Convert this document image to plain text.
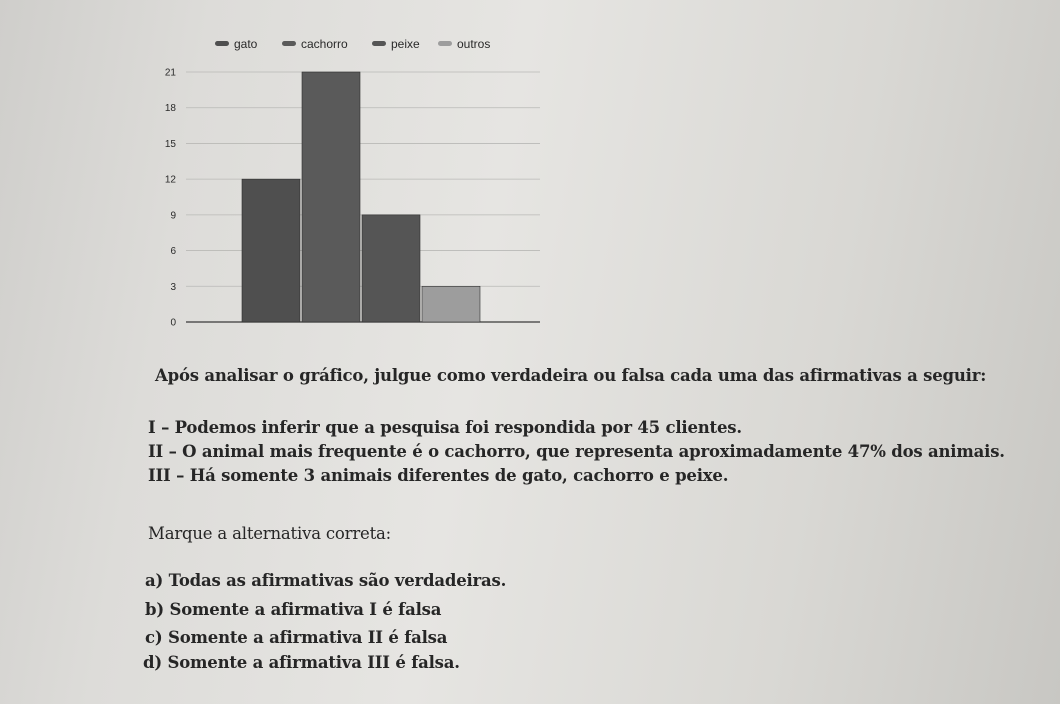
0
3
6
9
12
15
18
21
gato	cachorro	peixe	outros
Após analisar o gráfico, julgue como verdadeira ou falsa cada uma das afirmativas a seguir:
I – Podemos inferir que a pesquisa foi respondida por 45 clientes.
II – O animal mais frequente é o cachorro, que representa aproximadamente 47% dos animais.
III – Há somente 3 animais diferentes de gato, cachorro e peixe.
Marque a alternativa correta:
a) Todas as afirmativas são verdadeiras.
b) Somente a afirmativa I é falsa
c) Somente a afirmativa II é falsa
d) Somente a afirmativa III é falsa.
